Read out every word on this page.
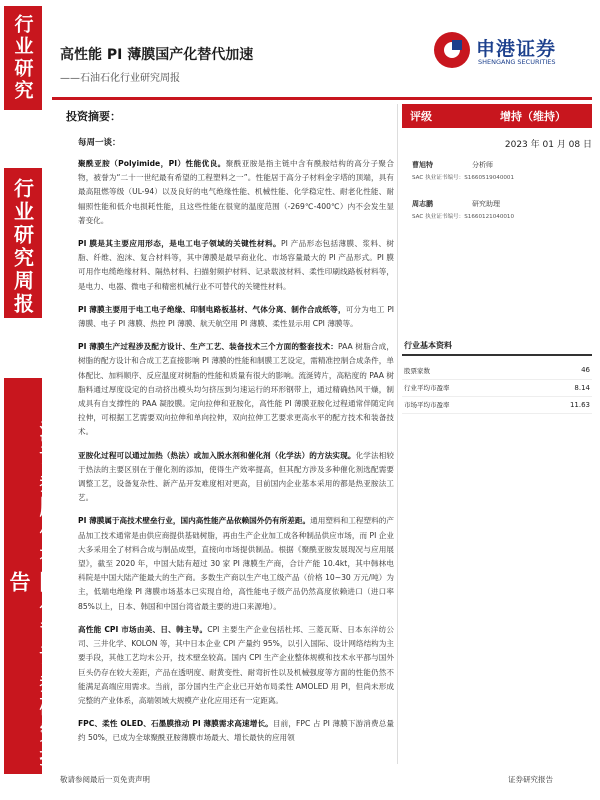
行业研究
行业研究周报
申港证券股份有限公司证券研究报告
高性能 PI 薄膜国产化替代加速
——石油石化行业研究周报
申港证券
SHENGANG SECURITIES
投资摘要：
每周一谈：

聚酰亚胺（Polyimide，PI）性能优良。聚酰亚胺是指主链中含有酰胺结构的高分子聚合物，被誉为“二十一世纪最有希望的工程塑料之一”。性能居于高分子材料金字塔的顶端，具有最高阻燃等级（UL-94）以及良好的电气绝缘性能、机械性能、化学稳定性、耐老化性能、耐辐照性能和低介电损耗性能，且这些性能在很宽的温度范围（-269℃-400℃）内不会发生显著变化。

PI 膜是其主要应用形态，是电工电子领域的关键性材料。PI 产品形态包括薄膜、浆料、树脂、纤维、泡沫、复合材料等，其中薄膜是最早商业化、市场容量最大的 PI 产品形式。PI 膜可用作电缆绝缘材料、隔热材料、扫描射频护材料、记录载波材料、柔性印刷线路板材料等，是电力、电器、微电子和精密机械行业不可替代的关键性材料。

PI 薄膜主要用于电工电子绝缘、印制电路板基材、气体分离、制作合成纸等，可分为电工 PI 薄膜、电子 PI 薄膜、热控 PI 薄膜、航天航空用 PI 薄膜、柔性显示用 CPI 薄膜等。

PI 薄膜生产过程涉及配方设计、生产工艺、装备技术三个方面的整套技术：PAA 树脂合成，树脂的配方设计和合成工艺直接影响 PI 薄膜的性能和制膜工艺设定，需精准控制合成条件，单体配比、加料顺序、反应温度对树脂的性能和质量有很大的影响。流涎铸片，高粘度的 PAA 树脂料通过厚度设定的自动挤出模头均匀挤压到匀速运行的环形钢带上，通过精确热风干燥，制成具有自支撑性的 PAA 凝胶膜。定向拉伸和亚胺化，高性能 PI 薄膜亚胺化过程通常伴随定向拉伸，可根据工艺需要双向拉伸和单向拉伸，双向拉伸工艺要求更高水平的配方技术和装备技术。

亚胺化过程可以通过加热（热法）或加入脱水剂和催化剂（化学法）的方法实现。化学法相较于热法的主要区别在于催化剂的添加，使得生产效率提高，但其配方涉及多种催化剂选配需要调整工艺，设备复杂性、新产品开发难度相对更高，目前国内企业基本采用的都是热亚胺法工艺。

PI 薄膜属于高技术壁垒行业，国内高性能产品依赖国外仍有所差距。通用塑料和工程塑料的产品加工技术通常是由供应商提供基础树脂，再由生产企业加工成各种制品供应市场，而 PI 企业大多采用全了材料合成与制品成型，直接向市场提供制品。根据《聚酰亚胺发展现况与应用展望》，截至 2020 年，中国大陆有超过 30 家 PI 薄膜生产商，合计产能 10.4kt，其中韩林电科院是中国大陆产能最大的生产商。多数生产商以生产电工级产品（价格 10~30 万元/吨）为主，低端电绝缘 PI 薄膜市场基本已实现自给，高性能电子级产品仍然高度依赖进口（进口率 85%以上，日本、韩国和中国台湾省最主要的进口来源地）。

高性能 CPI 市场由美、日、韩主导。CPI 主要生产企业包括杜邦、三菱瓦斯、日本东洋纺公司、三井化学、KOLON 等，其中日本企业 CPI 产量约 95%，以引入国际、设计网络结构为主要手段，其他工艺均未公开，技术壁垒较高。国内 CPI 生产企业整体规模和技术水平都与国外巨头仍存在较大差距，产品在透明度、耐黄变性、耐弯折性以及机械强度等方面的性能仍然不能满足高端应用需求。当前，部分国内生产企业已开始布局柔性 AMOLED 用 PI，但尚未形成完整的产业体系，高端领域大规模产业化应用还有一定距离。

FPC、柔性 OLED、石墨膜推动 PI 薄膜需求高速增长。目前，FPC 占 PI 薄膜下游消费总量约 50%，已成为全球聚酰亚胺薄膜市场最大、增长最快的应用领

评级	增持（维持）
2023 年 01 月 08 日
曹旭特	分析师
SAC 执业证书编号：S1660519040001
周志鹏	研究助理
SAC 执业证书编号：S1660121040010
行业基本资料
股票家数	46
行业平均市盈率	8.14
市场平均市盈率	11.63
敬请参阅最后一页免责声明	证券研究报告
